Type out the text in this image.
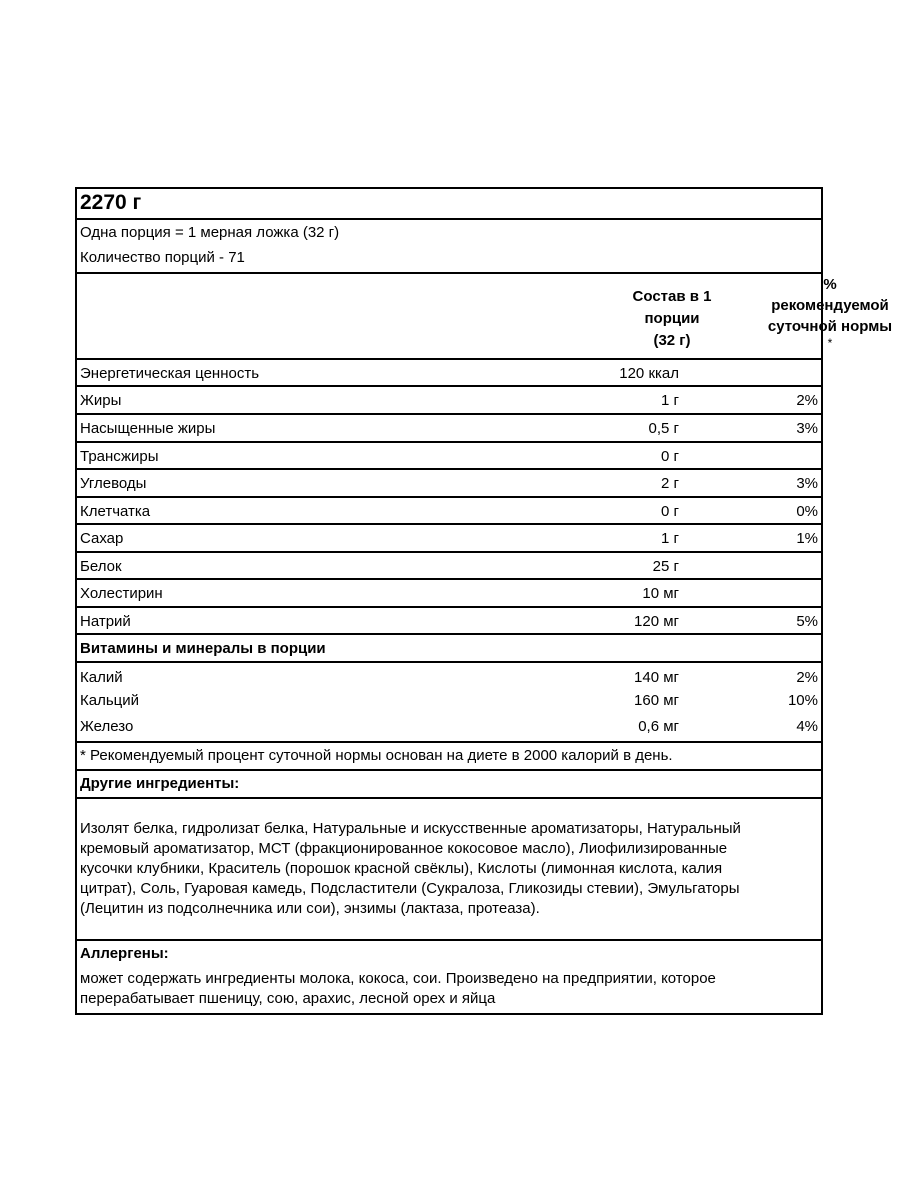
2270 г
Одна порция = 1 мерная ложка (32 г)
Количество порций - 71
Состав в 1
порции
(32 г)
%
рекомендуемой
суточной нормы
*
Энергетическая ценность	120 ккал
Жиры	1 г	2%
Насыщенные жиры	0,5 г	3%
Трансжиры	0 г
Углеводы	2 г	3%
Клетчатка	0 г	0%
Сахар	1 г	1%
Белок	25 г
Холестирин	10 мг
Натрий	120 мг	5%
Витамины и минералы в порции
Калий	140 мг	2%
Кальций	160 мг	10%
Железо	0,6 мг	4%
* Рекомендуемый процент суточной нормы основан на диете в 2000 калорий в день.
Другие ингредиенты:
Изолят белка, гидролизат белка, Натуральные и искусственные ароматизаторы, Натуральный
кремовый ароматизатор, МСТ (фракционированное кокосовое масло), Лиофилизированные
кусочки клубники, Краситель (порошок красной свёклы), Кислоты (лимонная кислота, калия
цитрат), Соль, Гуаровая камедь, Подсластители (Сукралоза, Гликозиды стевии), Эмульгаторы
(Лецитин из подсолнечника или сои), энзимы (лактаза, протеаза).
Аллергены:
может содержать ингредиенты молока, кокоса, сои. Произведено на предприятии, которое
перерабатывает пшеницу, сою, арахис, лесной орех и яйца
